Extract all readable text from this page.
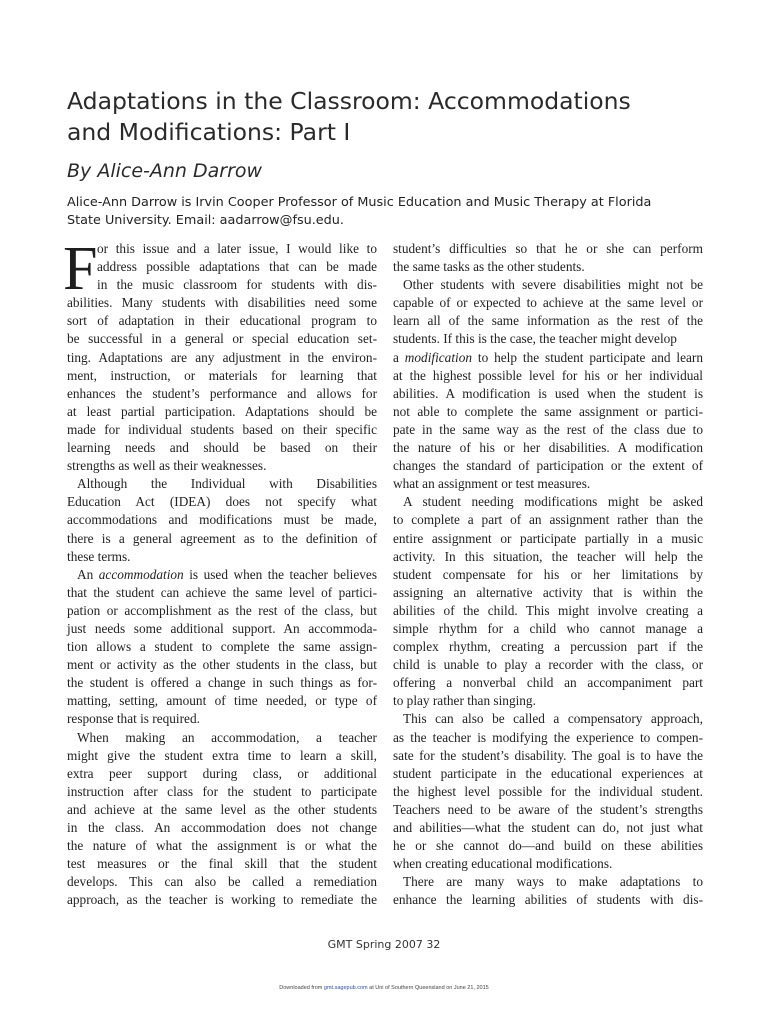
Adaptations in the Classroom: Accommodations
and Modifications: Part I
By Alice-Ann Darrow
Alice-Ann Darrow is Irvin Cooper Professor of Music Education and Music Therapy at Florida
State University. Email: aadarrow@fsu.edu.
F or this issue and a later issue, I would like to
address possible adaptations that can be made
in the music classroom for students with dis-
abilities. Many students with disabilities need some
sort of adaptation in their educational program to
be successful in a general or special education set-
ting. Adaptations are any adjustment in the environ-
ment, instruction, or materials for learning that
enhances the student’s performance and allows for
at least partial participation. Adaptations should be
made for individual students based on their specific
learning needs and should be based on their
strengths as well as their weaknesses.
Although the Individual with Disabilities
Education Act (IDEA) does not specify what
accommodations and modifications must be made,
there is a general agreement as to the definition of
these terms.
An accommodation is used when the teacher believes
that the student can achieve the same level of partici-
pation or accomplishment as the rest of the class, but
just needs some additional support. An accommoda-
tion allows a student to complete the same assign-
ment or activity as the other students in the class, but
the student is offered a change in such things as for-
matting, setting, amount of time needed, or type of
response that is required.
When making an accommodation, a teacher
might give the student extra time to learn a skill,
extra peer support during class, or additional
instruction after class for the student to participate
and achieve at the same level as the other students
in the class. An accommodation does not change
the nature of what the assignment is or what the
test measures or the final skill that the student
develops. This can also be called a remediation
approach, as the teacher is working to remediate the
student’s difficulties so that he or she can perform
the same tasks as the other students.
Other students with severe disabilities might not be
capable of or expected to achieve at the same level or
learn all of the same information as the rest of the
students. If this is the case, the teacher might develop
a modification to help the student participate and learn
at the highest possible level for his or her individual
abilities. A modification is used when the student is
not able to complete the same assignment or partici-
pate in the same way as the rest of the class due to
the nature of his or her disabilities. A modification
changes the standard of participation or the extent of
what an assignment or test measures.
A student needing modifications might be asked
to complete a part of an assignment rather than the
entire assignment or participate partially in a music
activity. In this situation, the teacher will help the
student compensate for his or her limitations by
assigning an alternative activity that is within the
abilities of the child. This might involve creating a
simple rhythm for a child who cannot manage a
complex rhythm, creating a percussion part if the
child is unable to play a recorder with the class, or
offering a nonverbal child an accompaniment part
to play rather than singing.
This can also be called a compensatory approach,
as the teacher is modifying the experience to compen-
sate for the student’s disability. The goal is to have the
student participate in the educational experiences at
the highest level possible for the individual student.
Teachers need to be aware of the student’s strengths
and abilities—what the student can do, not just what
he or she cannot do—and build on these abilities
when creating educational modifications.
There are many ways to make adaptations to
enhance the learning abilities of students with dis-
GMT Spring 2007 32
Downloaded from gmt.sagepub.com at Uni of Southern Queensland on June 21, 2015
